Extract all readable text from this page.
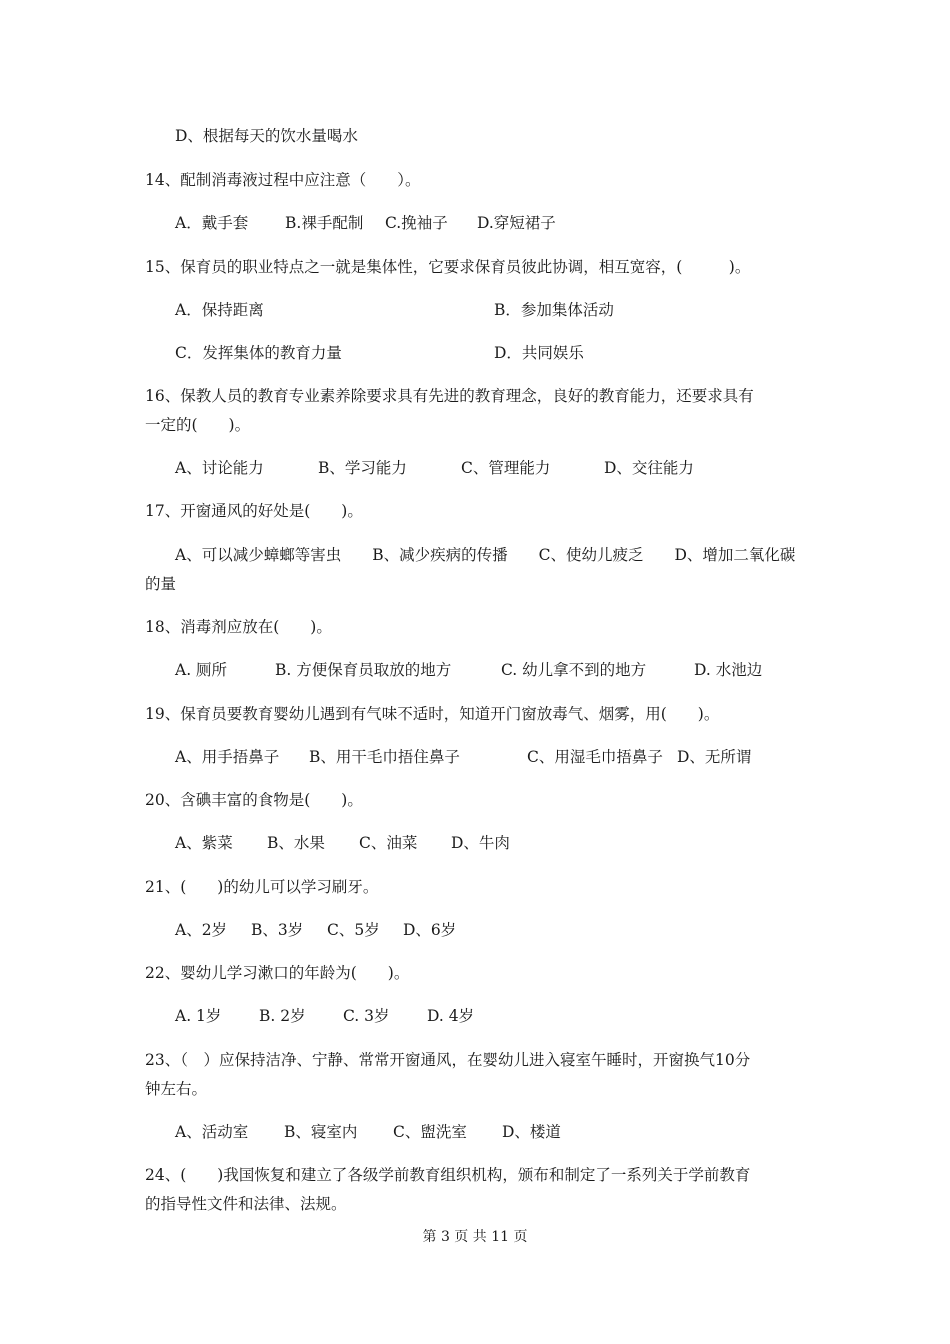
D、根据每天的饮水量喝水
14、配制消毒液过程中应注意（　　）。
A．戴手套 B.裸手配制 C.挽袖子 D.穿短裙子
15、保育员的职业特点之一就是集体性，它要求保育员彼此协调，相互宽容，(　　　)。
A．保持距离	B．参加集体活动
C．发挥集体的教育力量	D．共同娱乐
16、保教人员的教育专业素养除要求具有先进的教育理念，良好的教育能力，还要求具有
一定的(　　)。
A、讨论能力	B、学习能力	C、管理能力	D、交往能力
17、开窗通风的好处是(　　)。
A、可以减少蟑螂等害虫　　B、减少疾病的传播　　C、使幼儿疲乏　　D、增加二氧化碳
的量
18、消毒剂应放在(　　)。
A. 厕所	B. 方便保育员取放的地方	C. 幼儿拿不到的地方	D. 水池边
19、保育员要教育婴幼儿遇到有气味不适时，知道开门窗放毒气、烟雾，用(　　)。
A、用手捂鼻子 B、用干毛巾捂住鼻子	C、用湿毛巾捂鼻子 D、无所谓
20、含碘丰富的食物是(　　)。
A、紫菜 B、水果 C、油菜 D、牛肉
21、(　　)的幼儿可以学习刷牙。
A、2岁 B、3岁 C、5岁 D、6岁
22、婴幼儿学习漱口的年龄为(　　)。
A. 1岁 B. 2岁 C. 3岁 D. 4岁
23、（　）应保持洁净、宁静、常常开窗通风，在婴幼儿进入寝室午睡时，开窗换气10分
钟左右。
A、活动室 B、寝室内 C、盥洗室 D、楼道
24、(　　)我国恢复和建立了各级学前教育组织机构，颁布和制定了一系列关于学前教育
的指导性文件和法律、法规。
第 3 页 共 11 页
